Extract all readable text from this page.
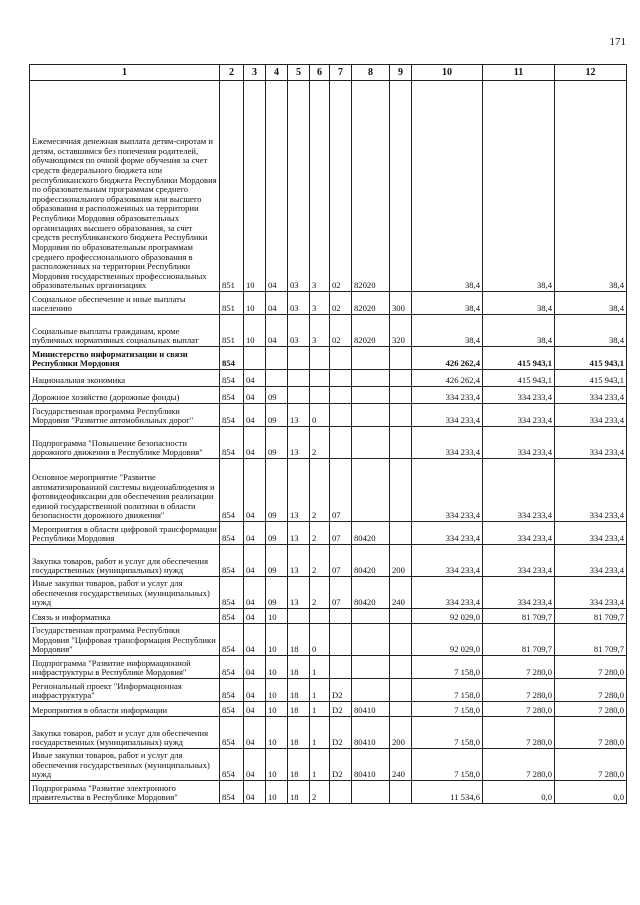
171
1	2	3	4	5	6	7	8	9	10	11	12
Ежемесячная денежная выплата детям-сиротам и детям, оставшимся без попечения родителей, обучающимся по очной форме обучения за счет средств федерального бюджета или республиканского бюджета Республики Мордовия по образовательным программам среднего профессионального образования или высшего образования в расположенных на территории Республики Мордовия образовательных организациях высшего образования, за счет средств республиканского бюджета Республики Мордовия по образовательным программам среднего профессионального образования в расположенных на территории Республики Мордовия государственных профессиональных образовательных организациях	851	10	04	03	3	02	82020		38,4	38,4	38,4
Социальное обеспечение и иные выплаты населению	851	10	04	03	3	02	82020	300	38,4	38,4	38,4
Социальные выплаты гражданам, кроме публичных нормативных социальных выплат	851	10	04	03	3	02	82020	320	38,4	38,4	38,4
Министерство информатизации и связи Республики Мордовия	854								426 262,4	415 943,1	415 943,1
Национальная экономика	854	04							426 262,4	415 943,1	415 943,1
Дорожное хозяйство (дорожные фонды)	854	04	09						334 233,4	334 233,4	334 233,4
Государственная программа Республики Мордовия "Развитие автомобильных дорог"	854	04	09	13	0				334 233,4	334 233,4	334 233,4
Подпрограмма "Повышение безопасности дорожного движения в Республике Мордовия"	854	04	09	13	2				334 233,4	334 233,4	334 233,4
Основное мероприятие "Развитие автоматизированной системы видеонаблюдения и фотовидеофиксации для обеспечения реализации единой государственной политики в области безопасности дорожного движения"	854	04	09	13	2	07			334 233,4	334 233,4	334 233,4
Мероприятия в области цифровой трансформации Республики Мордовия	854	04	09	13	2	07	80420		334 233,4	334 233,4	334 233,4
Закупка товаров, работ и услуг для обеспечения государственных (муниципальных) нужд	854	04	09	13	2	07	80420	200	334 233,4	334 233,4	334 233,4
Иные закупки товаров, работ и услуг для обеспечения государственных (муниципальных) нужд	854	04	09	13	2	07	80420	240	334 233,4	334 233,4	334 233,4
Связь и информатика	854	04	10						92 029,0	81 709,7	81 709,7
Государственная программа Республики Мордовия "Цифровая трансформация Республики Мордовия"	854	04	10	18	0				92 029,0	81 709,7	81 709,7
Подпрограмма "Развитие информационной инфраструктуры в Республике Мордовия"	854	04	10	18	1				7 158,0	7 280,0	7 280,0
Региональный проект "Информационная инфраструктура"	854	04	10	18	1	D2			7 158,0	7 280,0	7 280,0
Мероприятия в области информации	854	04	10	18	1	D2	80410		7 158,0	7 280,0	7 280,0
Закупка товаров, работ и услуг для обеспечения государственных (муниципальных) нужд	854	04	10	18	1	D2	80410	200	7 158,0	7 280,0	7 280,0
Иные закупки товаров, работ и услуг для обеспечения государственных (муниципальных) нужд	854	04	10	18	1	D2	80410	240	7 158,0	7 280,0	7 280,0
Подпрограмма "Развитие электронного правительства в Республике Мордовия"	854	04	10	18	2				11 534,6	0,0	0,0
